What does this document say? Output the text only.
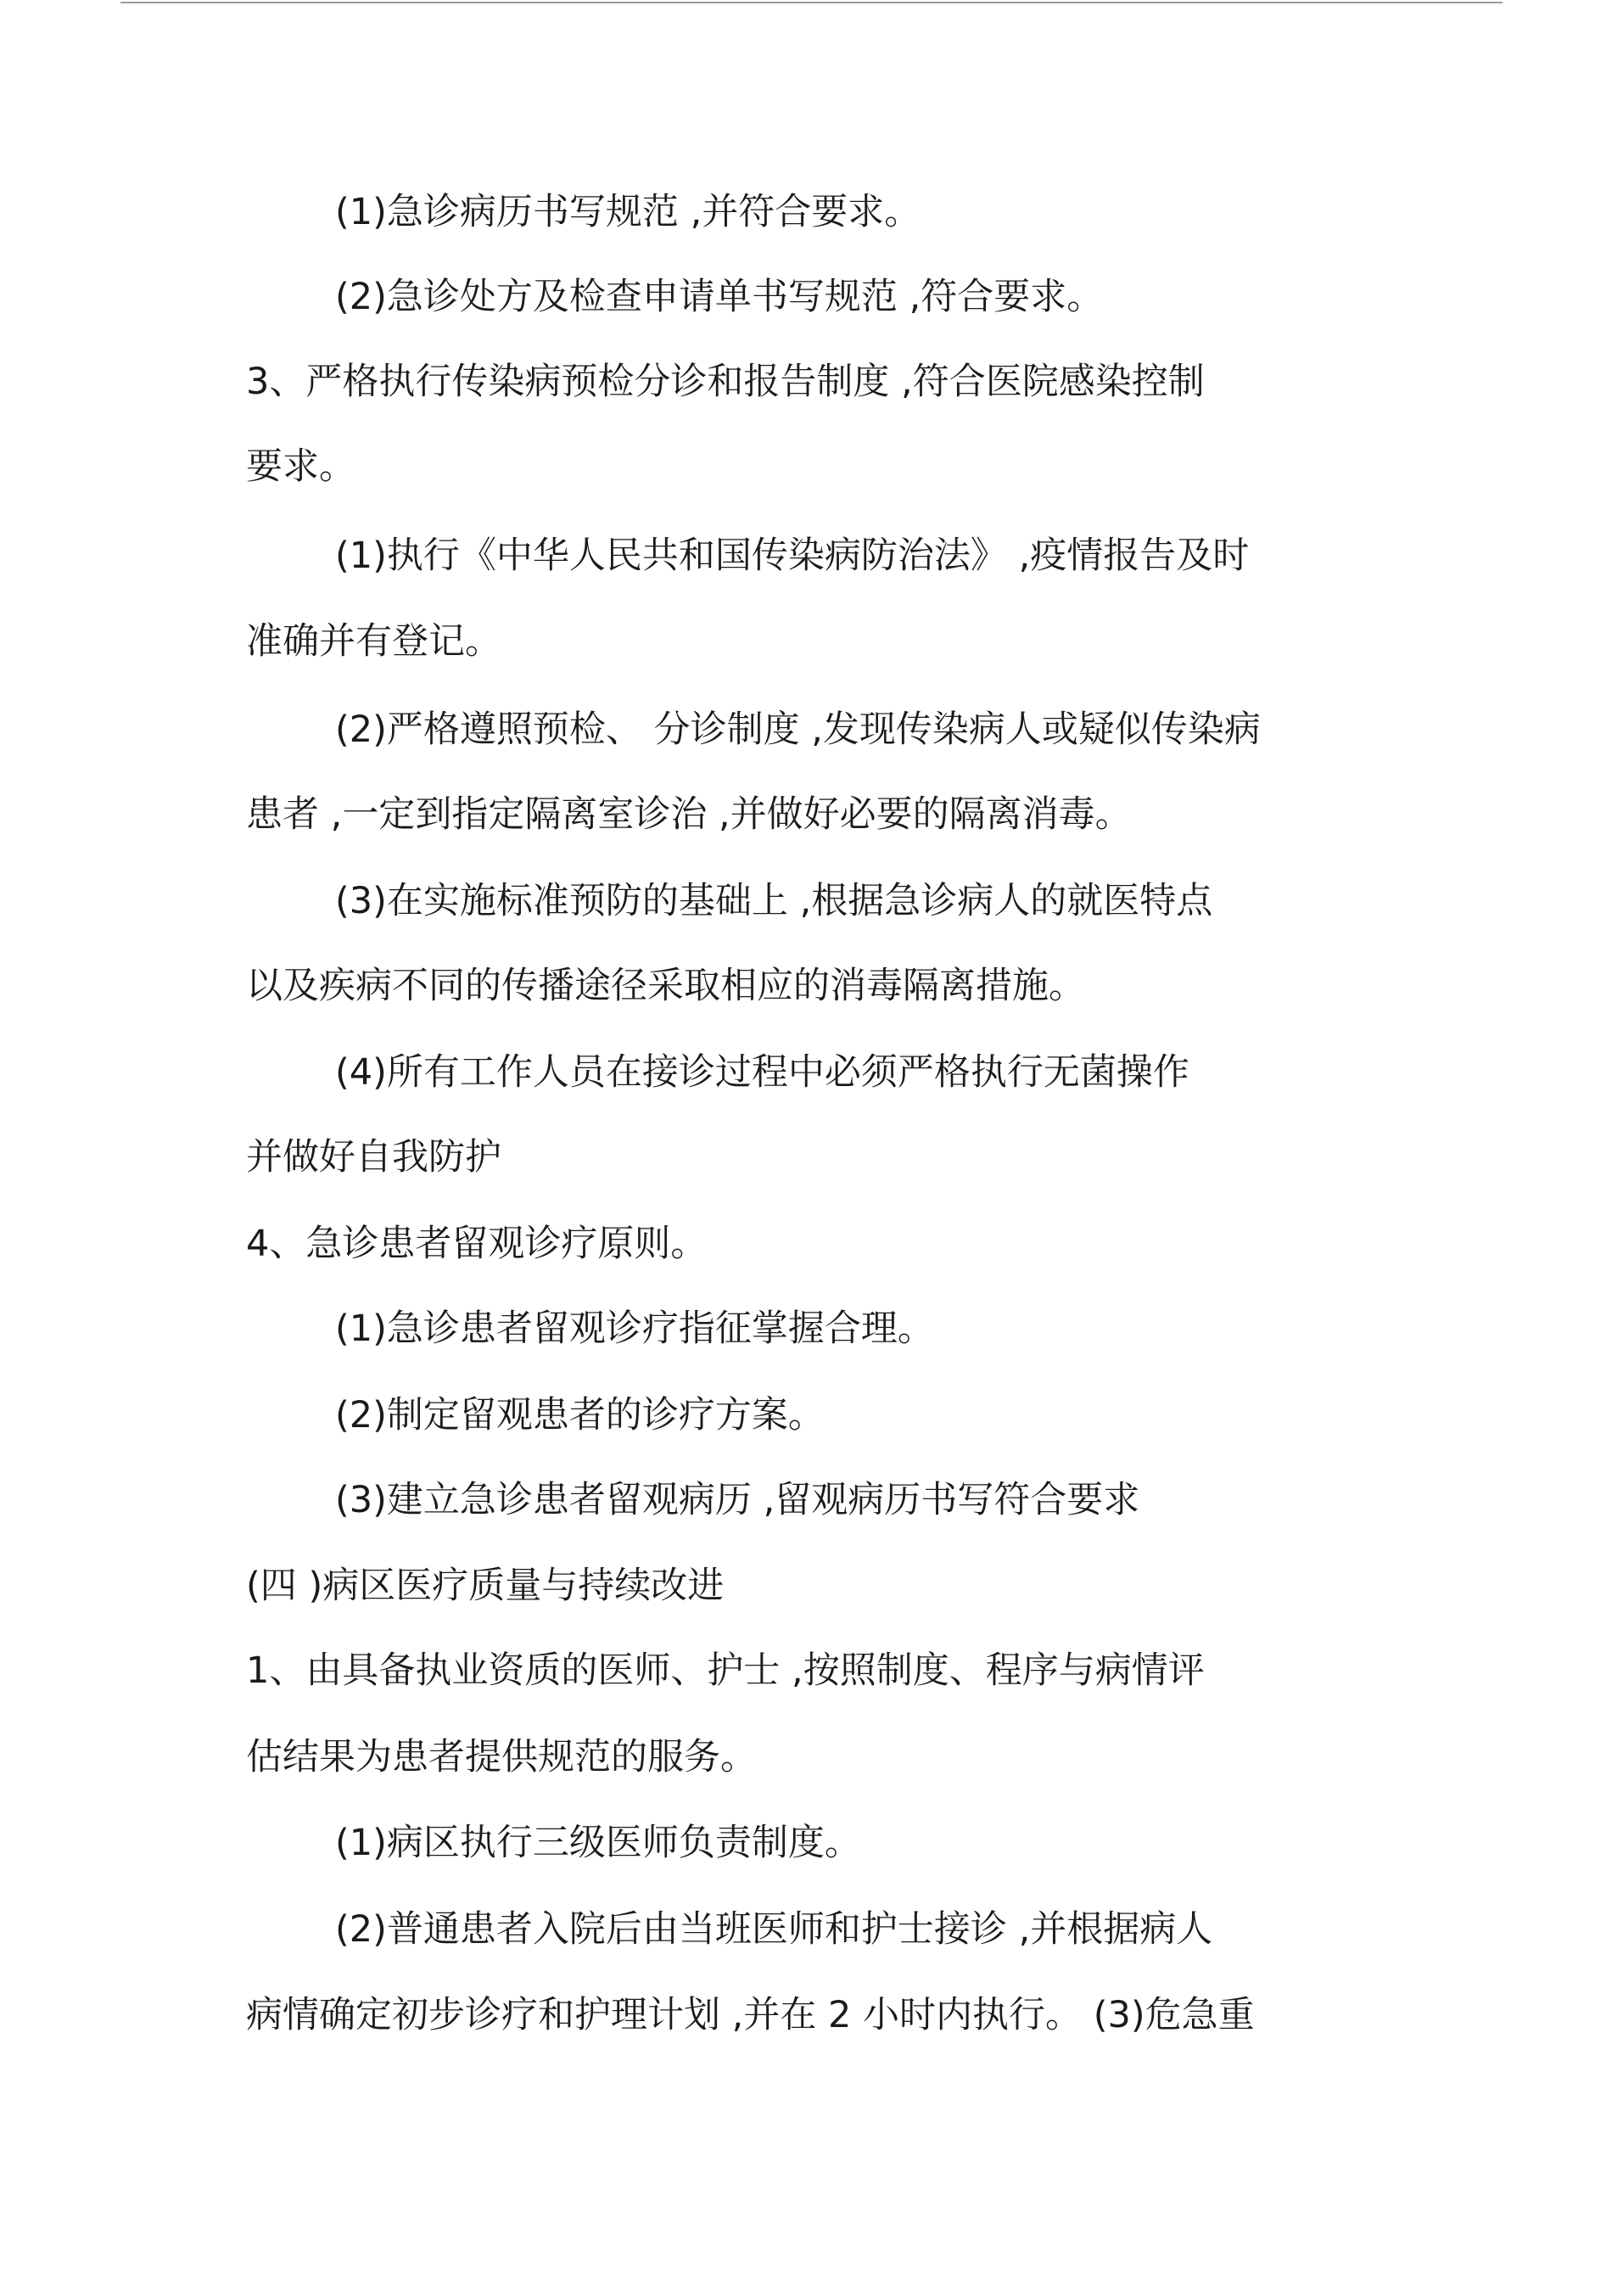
(1)急诊病历书写规范 ,并符合要求。
(2)急诊处方及检查申请单书写规范 ,符合要求。
3、严格执行传染病预检分诊和报告制度 ,符合医院感染控制
要求。
(1)执行《中华人民共和国传染病防治法》 ,疫情报告及时
准确并有登记。
(2)严格遵照预检、 分诊制度 ,发现传染病人或疑似传染病
患者 ,一定到指定隔离室诊治 ,并做好必要的隔离消毒。
(3)在实施标准预防的基础上 ,根据急诊病人的就医特点
以及疾病不同的传播途径采取相应的消毒隔离措施。
(4)所有工作人员在接诊过程中必须严格执行无菌操作
并做好自我防护
4、急诊患者留观诊疗原则。
(1)急诊患者留观诊疗指征掌握合理。
(2)制定留观患者的诊疗方案。
(3)建立急诊患者留观病历 ,留观病历书写符合要求
(四 )病区医疗质量与持续改进
1、由具备执业资质的医师、护士 ,按照制度、程序与病情评
估结果为患者提供规范的服务。
(1)病区执行三级医师负责制度。
(2)普通患者入院后由当班医师和护士接诊 ,并根据病人
病情确定初步诊疗和护理计划 ,并在 2 小时内执行。 (3)危急重
